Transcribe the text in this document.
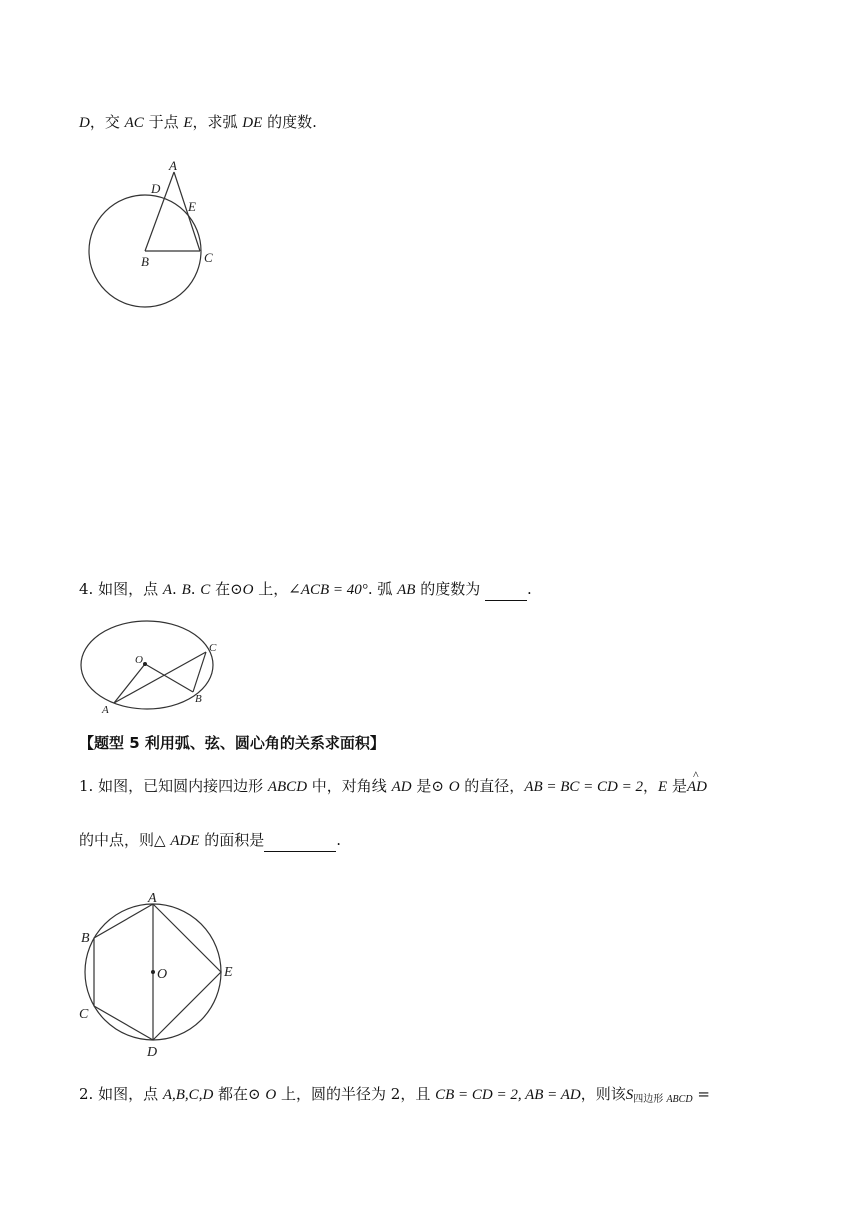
D，交 AC 于点 E，求弧 DE 的度数.
A
D
E
B	C
4. 如图，点 A. B. C 在⊙O 上，∠ACB = 40°. 弧 AB 的度数为	.
O
C
B
A
【题型 5 利用弧、弦、圆心角的关系求面积】
1. 如图，已知圆内接四边形 ABCD 中，对角线 AD 是⊙ O 的直径，AB = BC = CD = 2，E 是
^
AD
的中点，则△ ADE 的面积是	.
A
B
O	E
C
D
2. 如图，点 A,B,C,D 都在⊙ O 上，圆的半径为 2，且 CB = CD = 2, AB = AD，则该$S_{四边形 ABCD}$ =
